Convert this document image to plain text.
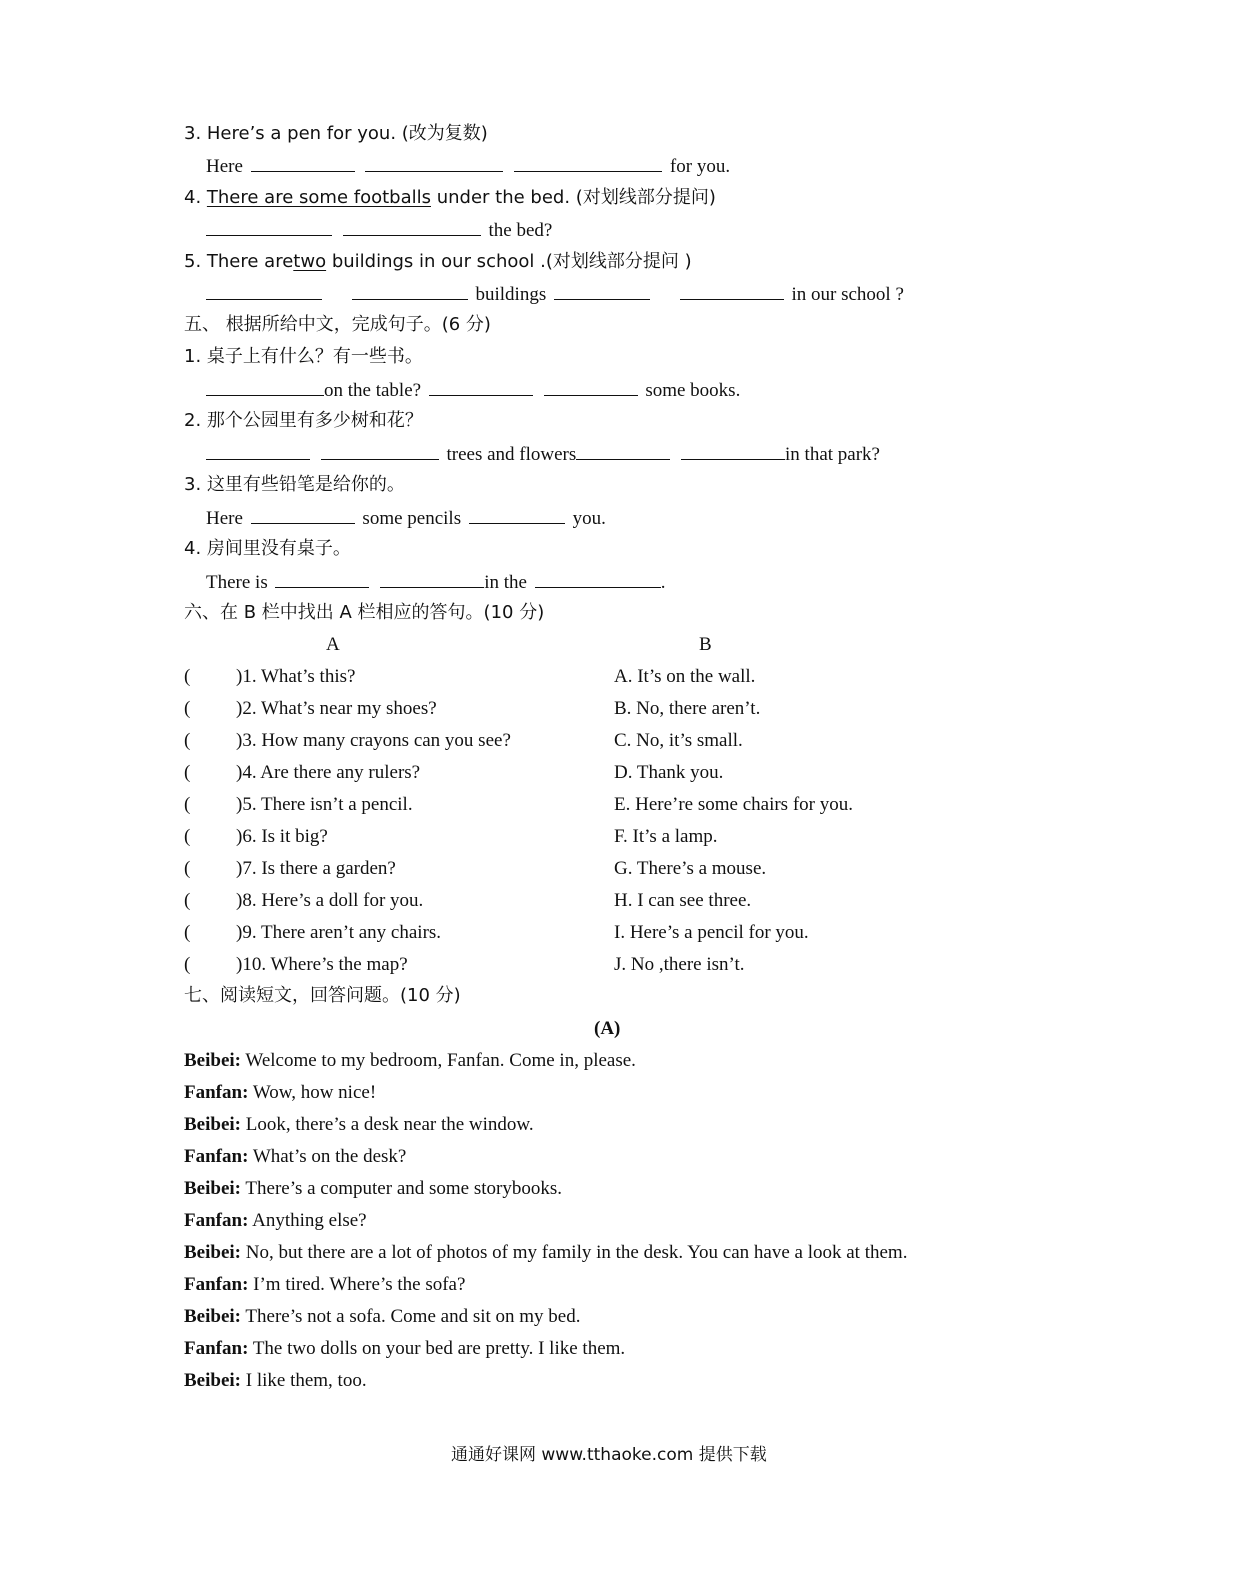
3. Here’s a pen for you. (改为复数)
Here	for you.
4. There are some footballs under the bed. (对划线部分提问)
the bed?
5. There aretwo buildings in our school .(对划线部分提问 )
buildings	in our school ?
五、 根据所给中文，完成句子。(6 分)
1. 桌子上有什么？有一些书。
on the table?	some books.
2. 那个公园里有多少树和花？
trees and flowers	in that park?
3. 这里有些铅笔是给你的。
Here	some pencils	you.
4. 房间里没有桌子。
There is	in the	.
六、在 B 栏中找出 A 栏相应的答句。(10 分)
A	B
( )1. What’s this?	A. It’s on the wall.
( )2. What’s near my shoes?	B. No, there aren’t.
( )3. How many crayons can you see?	C. No, it’s small.
( )4. Are there any rulers?	D. Thank you.
( )5. There isn’t a pencil.	E. Here’re some chairs for you.
( )6. Is it big?	F. It’s a lamp.
( )7. Is there a garden?	G. There’s a mouse.
( )8. Here’s a doll for you.	H. I can see three.
( )9. There aren’t any chairs.	I. Here’s a pencil for you.
( )10. Where’s the map?	J. No ,there isn’t.
七、阅读短文，回答问题。(10 分)
(A)
Beibei: Welcome to my bedroom, Fanfan. Come in, please.
Fanfan: Wow, how nice!
Beibei: Look, there’s a desk near the window.
Fanfan: What’s on the desk?
Beibei: There’s a computer and some storybooks.
Fanfan: Anything else?
Beibei: No, but there are a lot of photos of my family in the desk. You can have a look at them.
Fanfan: I’m tired. Where’s the sofa?
Beibei: There’s not a sofa. Come and sit on my bed.
Fanfan: The two dolls on your bed are pretty. I like them.
Beibei: I like them, too.
通通好课网 www.tthaoke.com 提供下载
